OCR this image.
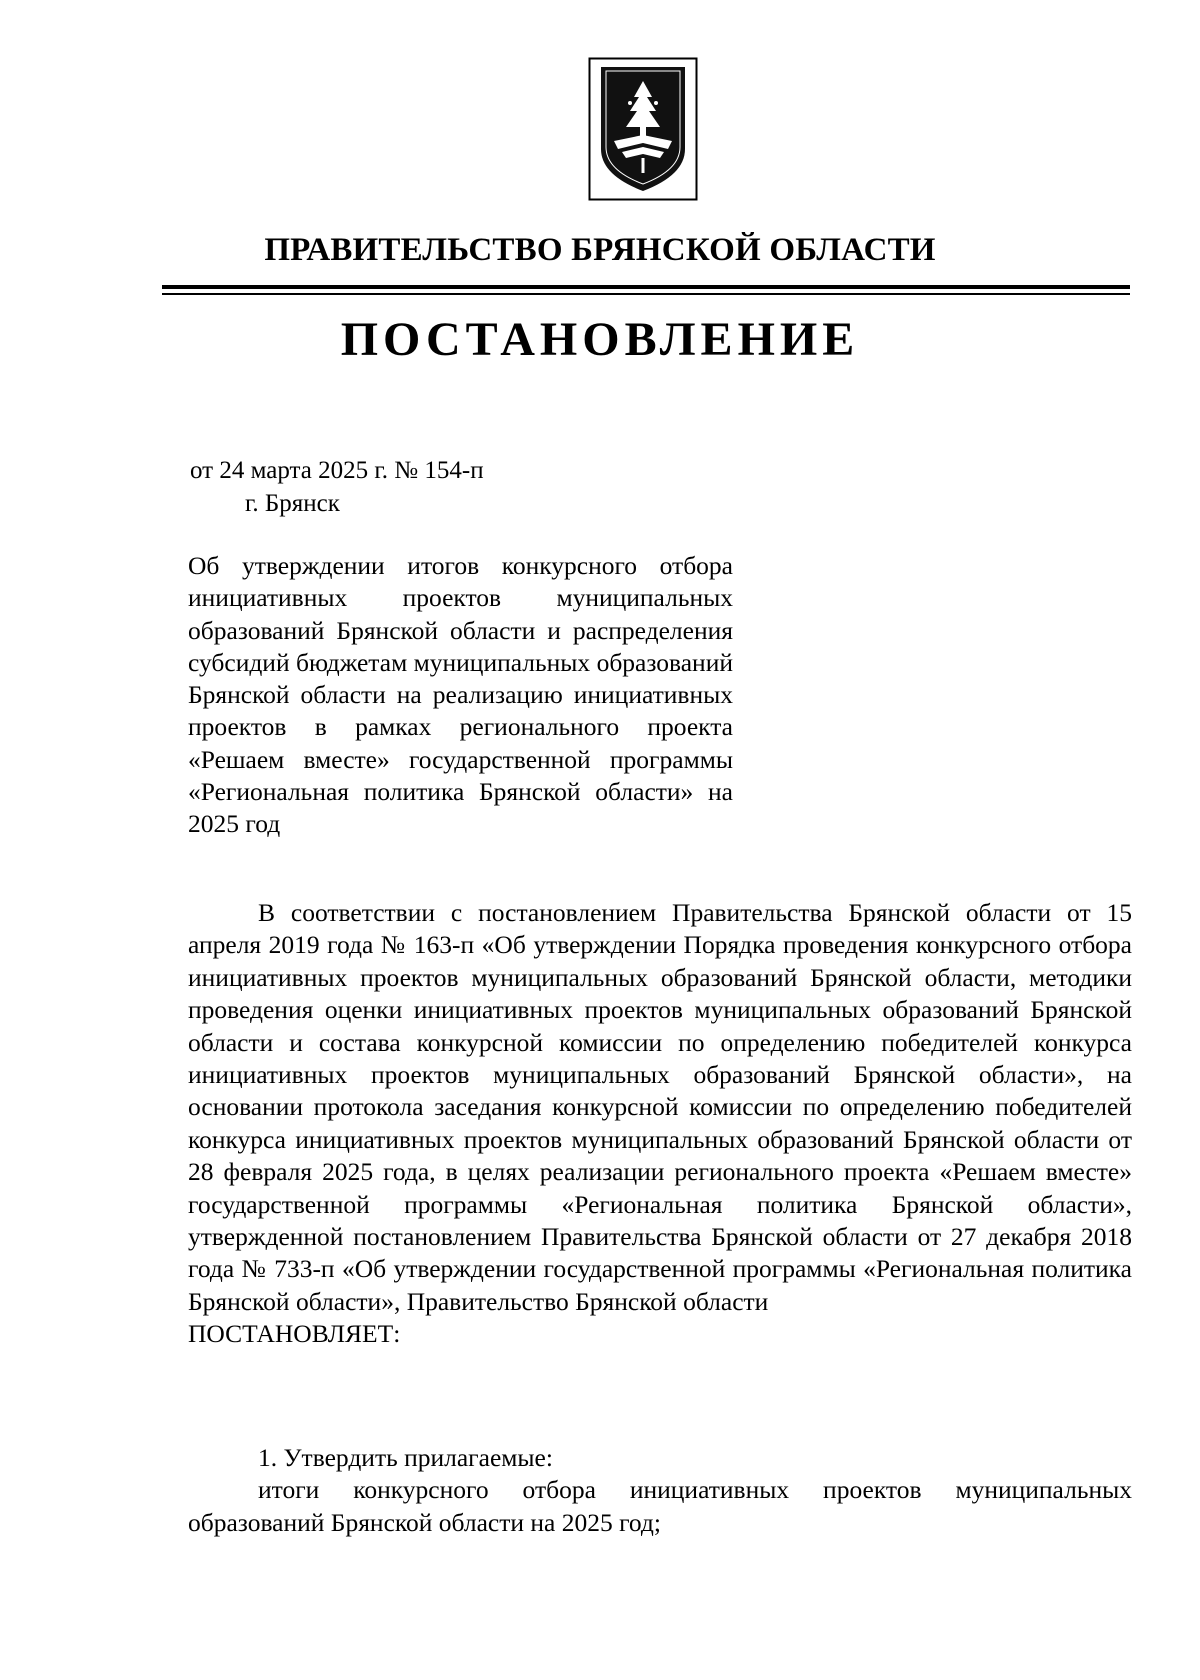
ПРАВИТЕЛЬСТВО БРЯНСКОЙ ОБЛАСТИ
ПОСТАНОВЛЕНИЕ
от 24 марта 2025 г. № 154-п
г. Брянск
Об утверждении итогов конкурсного отбора инициативных проектов муниципальных образований Брянской области и распределения субсидий бюджетам муниципальных образований Брянской области на реализацию инициативных проектов в рамках регионального проекта «Решаем вместе» государственной программы «Региональная политика Брянской области» на 2025 год

В соответствии с постановлением Правительства Брянской области от 15 апреля 2019 года № 163-п «Об утверждении Порядка проведения конкурсного отбора инициативных проектов муниципальных образований Брянской области, методики проведения оценки инициативных проектов муниципальных образований Брянской области и состава конкурсной комиссии по определению победителей конкурса инициативных проектов муниципальных образований Брянской области», на основании протокола заседания конкурсной комиссии по определению победителей конкурса инициативных проектов муниципальных образований Брянской области от 28 февраля 2025 года, в целях реализации регионального проекта «Решаем вместе» государственной программы «Региональная политика Брянской области», утвержденной постановлением Правительства Брянской области от 27 декабря 2018 года № 733-п «Об утверждении государственной программы «Региональная политика Брянской области», Правительство Брянской области

ПОСТАНОВЛЯЕТ:

1. Утвердить прилагаемые:

итоги конкурсного отбора инициативных проектов муниципальных образований Брянской области на 2025 год;
